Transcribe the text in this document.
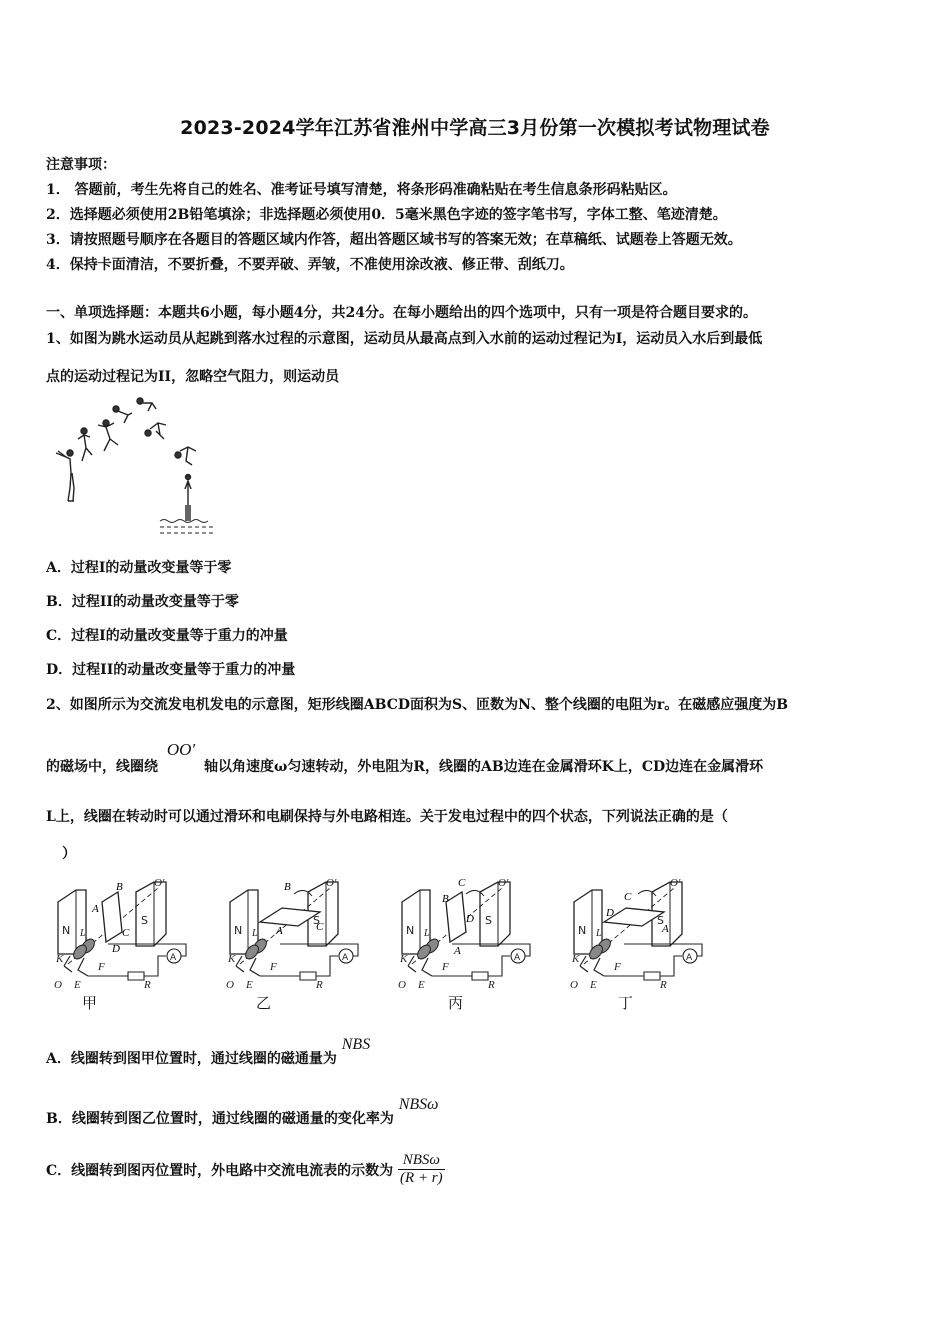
2023-2024学年江苏省淮州中学高三3月份第一次模拟考试物理试卷
注意事项：
1． 答题前，考生先将自己的姓名、准考证号填写清楚，将条形码准确粘贴在考生信息条形码粘贴区。
2．选择题必须使用2B铅笔填涂；非选择题必须使用0．5毫米黑色字迹的签字笔书写，字体工整、笔迹清楚。
3．请按照题号顺序在各题目的答题区域内作答，超出答题区域书写的答案无效；在草稿纸、试题卷上答题无效。
4．保持卡面清洁，不要折叠，不要弄破、弄皱，不准使用涂改液、修正带、刮纸刀。
一、单项选择题：本题共6小题，每小题4分，共24分。在每小题给出的四个选项中，只有一项是符合题目要求的。
1、如图为跳水运动员从起跳到落水过程的示意图，运动员从最高点到入水前的运动过程记为I，运动员入水后到最低
点的运动过程记为II，忽略空气阻力，则运动员
A．过程I的动量改变量等于零
B．过程II的动量改变量等于零
C．过程I的动量改变量等于重力的冲量
D．过程II的动量改变量等于重力的冲量
2、如图所示为交流发电机发电的示意图，矩形线圈ABCD面积为S、匝数为N、整个线圈的电阻为r。在磁感应强度为B
的磁场中，线圈绕 OO′ 轴以角速度ω匀速转动，外电阻为R，线圈的AB边连在金属滑环K上，CD边连在金属滑环
L上，线圈在转动时可以通过滑环和电刷保持与外电路相连。关于发电过程中的四个状态，下列说法正确的是（
）
A
B
C
D
B
A	C
C
B
D
A
C
D
A
甲	乙	丙	丁
A．线圈转到图甲位置时，通过线圈的磁通量为 NBS
B．线圈转到图乙位置时，通过线圈的磁通量的变化率为 NBSω
C．线圈转到图丙位置时，外电路中交流电流表的示数为 $\frac{\text{NBSω}}{(R + r)}$
